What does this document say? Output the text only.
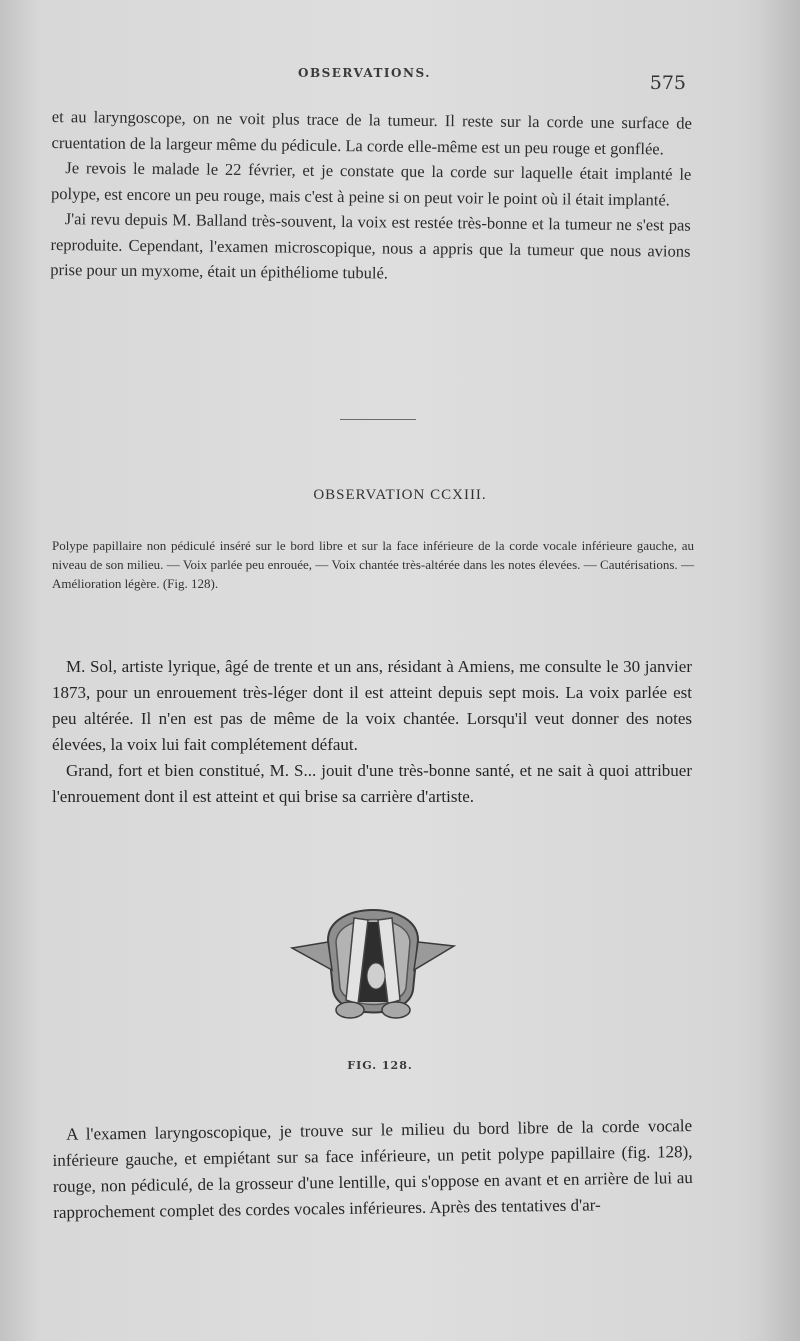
OBSERVATIONS.	575

et au laryngoscope, on ne voit plus trace de la tumeur. Il reste sur la corde une surface de cruentation de la largeur même du pédicule. La corde elle-même est un peu rouge et gonflée.

Je revois le malade le 22 février, et je constate que la corde sur laquelle était implanté le polype, est encore un peu rouge, mais c'est à peine si on peut voir le point où il était implanté.

J'ai revu depuis M. Balland très-souvent, la voix est restée très-bonne et la tumeur ne s'est pas reproduite. Cependant, l'examen microscopique, nous a appris que la tumeur que nous avions prise pour un myxome, était un épithéliome tubulé.

OBSERVATION CCXIII.
Polype papillaire non pédiculé inséré sur le bord libre et sur la face inférieure de la corde vocale inférieure gauche, au niveau de son milieu. — Voix parlée peu enrouée, — Voix chantée très-altérée dans les notes élevées. — Cautérisations. — Amélioration légère. (Fig. 128).

M. Sol, artiste lyrique, âgé de trente et un ans, résidant à Amiens, me consulte le 30 janvier 1873, pour un enrouement très-léger dont il est atteint depuis sept mois. La voix parlée est peu altérée. Il n'en est pas de même de la voix chantée. Lorsqu'il veut donner des notes élevées, la voix lui fait complétement défaut.

Grand, fort et bien constitué, M. S... jouit d'une très-bonne santé, et ne sait à quoi attribuer l'enrouement dont il est atteint et qui brise sa carrière d'artiste.

FIG. 128.

A l'examen laryngoscopique, je trouve sur le milieu du bord libre de la corde vocale inférieure gauche, et empiétant sur sa face inférieure, un petit polype papillaire (fig. 128), rouge, non pédiculé, de la grosseur d'une lentille, qui s'oppose en avant et en arrière de lui au rapprochement complet des cordes vocales inférieures. Après des tentatives d'ar-
